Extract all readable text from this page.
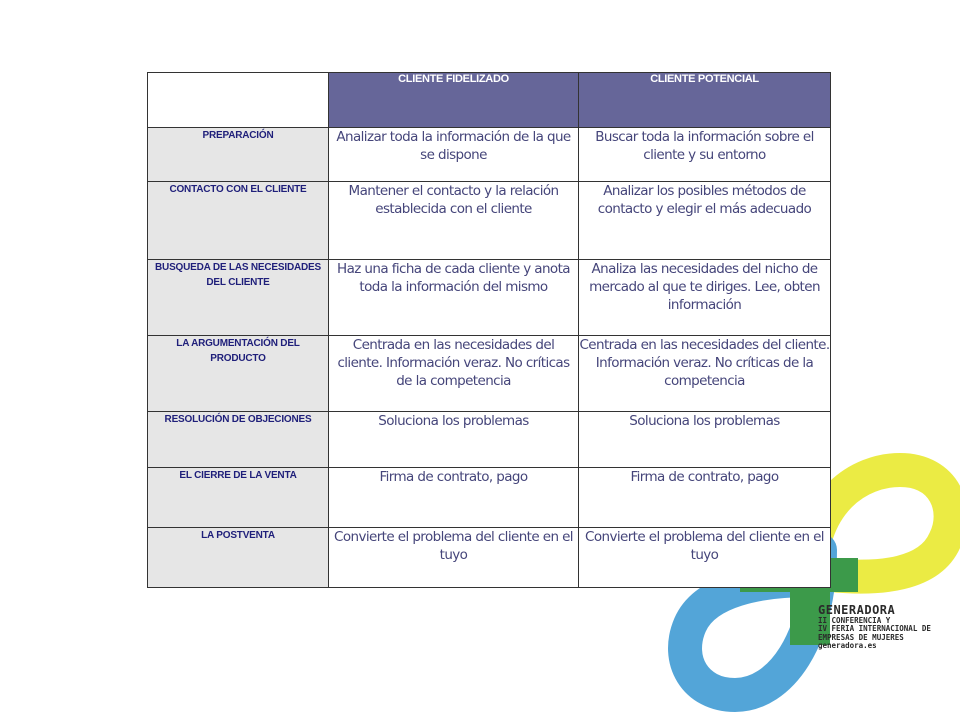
GENERADORA
II CONFERENCIA Y
IV FERIA INTERNACIONAL DE
EMPRESAS DE MUJERES
generadora.es
	CLIENTE FIDELIZADO	CLIENTE POTENCIAL
PREPARACIÓN	Analizar toda la información de la que se dispone	Buscar toda la información sobre el cliente y su entorno
CONTACTO CON EL CLIENTE	Mantener el contacto y la relación establecida con el cliente	Analizar los posibles métodos de contacto y elegir el más adecuado
BUSQUEDA DE LAS NECESIDADES DEL CLIENTE	Haz una ficha de cada cliente y anota toda la información del mismo	Analiza las necesidades del nicho de mercado al que te diriges. Lee, obten información
LA ARGUMENTACIÓN DEL PRODUCTO	Centrada en las necesidades del cliente. Información veraz. No críticas de la competencia	Centrada en las necesidades del cliente. Información veraz. No críticas de la competencia
RESOLUCIÓN DE OBJECIONES	Soluciona los problemas	Soluciona los problemas
EL CIERRE DE LA VENTA	Firma de contrato, pago	Firma de contrato, pago
LA POSTVENTA	Convierte el problema del cliente en el tuyo	Convierte el problema del cliente en el tuyo
